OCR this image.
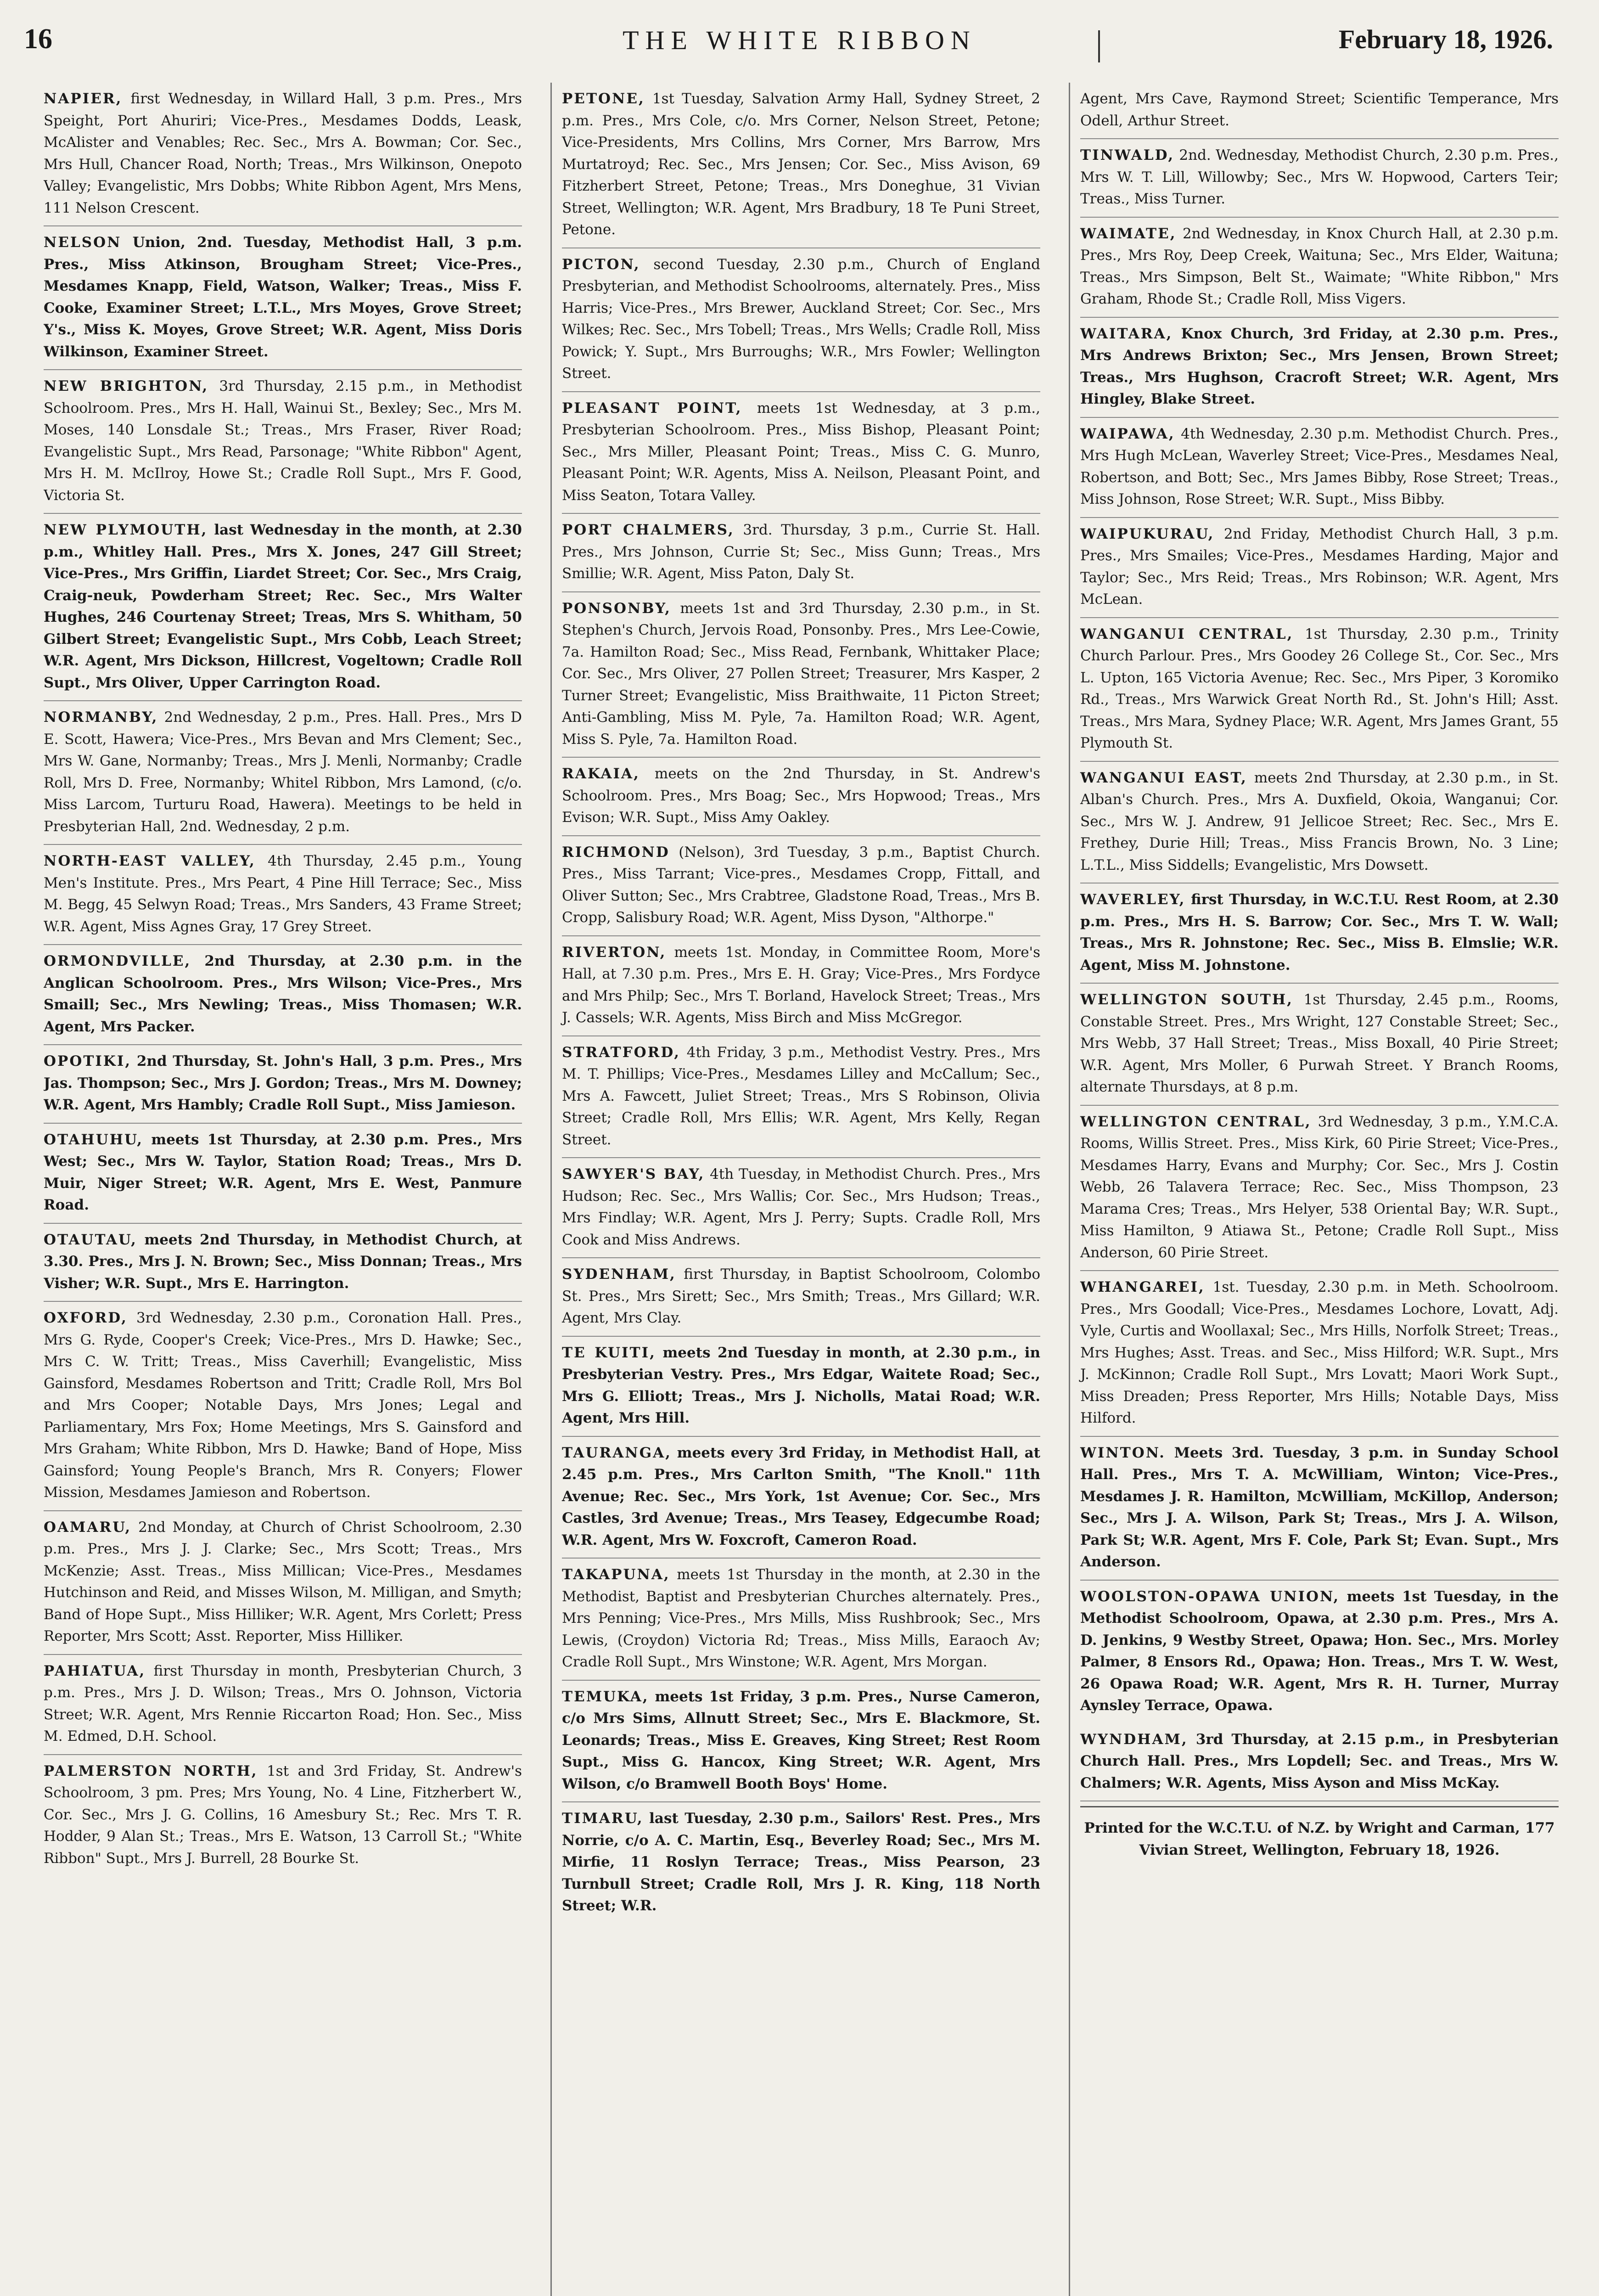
16	THE WHITE RIBBON	February 18, 1926.
NAPIER, first Wednesday, in Willard Hall, 3 p.m. Pres., Mrs Speight, Port Ahuriri; Vice-Pres., Mesdames Dodds, Leask, McAlister and Venables; Rec. Sec., Mrs A. Bowman; Cor. Sec., Mrs Hull, Chancer Road, North; Treas., Mrs Wilkinson, Onepoto Valley; Evangelistic, Mrs Dobbs; White Ribbon Agent, Mrs Mens, 111 Nelson Crescent.
NELSON Union, 2nd. Tuesday, Methodist Hall, 3 p.m. Pres., Miss Atkinson, Brougham Street; Vice-Pres., Mesdames Knapp, Field, Watson, Walker; Treas., Miss F. Cooke, Examiner Street; L.T.L., Mrs Moyes, Grove Street; Y's., Miss K. Moyes, Grove Street; W.R. Agent, Miss Doris Wilkinson, Examiner Street.
NEW BRIGHTON, 3rd Thursday, 2.15 p.m., in Methodist Schoolroom. Pres., Mrs H. Hall, Wainui St., Bexley; Sec., Mrs M. Moses, 140 Lonsdale St.; Treas., Mrs Fraser, River Road; Evangelistic Supt., Mrs Read, Parsonage; "White Ribbon" Agent, Mrs H. M. McIlroy, Howe St.; Cradle Roll Supt., Mrs F. Good, Victoria St.
NEW PLYMOUTH, last Wednesday in the month, at 2.30 p.m., Whitley Hall. Pres., Mrs X. Jones, 247 Gill Street; Vice-Pres., Mrs Griffin, Liardet Street; Cor. Sec., Mrs Craig, Craig-neuk, Powderham Street; Rec. Sec., Mrs Walter Hughes, 246 Courtenay Street; Treas, Mrs S. Whitham, 50 Gilbert Street; Evangelistic Supt., Mrs Cobb, Leach Street; W.R. Agent, Mrs Dickson, Hillcrest, Vogeltown; Cradle Roll Supt., Mrs Oliver, Upper Carrington Road.
NORMANBY, 2nd Wednesday, 2 p.m., Pres. Hall. Pres., Mrs D E. Scott, Hawera; Vice-Pres., Mrs Bevan and Mrs Clement; Sec., Mrs W. Gane, Normanby; Treas., Mrs J. Menli, Normanby; Cradle Roll, Mrs D. Free, Normanby; Whitel Ribbon, Mrs Lamond, (c/o. Miss Larcom, Turturu Road, Hawera). Meetings to be held in Presbyterian Hall, 2nd. Wednesday, 2 p.m.
NORTH-EAST VALLEY, 4th Thursday, 2.45 p.m., Young Men's Institute. Pres., Mrs Peart, 4 Pine Hill Terrace; Sec., Miss M. Begg, 45 Selwyn Road; Treas., Mrs Sanders, 43 Frame Street; W.R. Agent, Miss Agnes Gray, 17 Grey Street.
ORMONDVILLE, 2nd Thursday, at 2.30 p.m. in the Anglican Schoolroom. Pres., Mrs Wilson; Vice-Pres., Mrs Smaill; Sec., Mrs Newling; Treas., Miss Thomasen; W.R. Agent, Mrs Packer.
OPOTIKI, 2nd Thursday, St. John's Hall, 3 p.m. Pres., Mrs Jas. Thompson; Sec., Mrs J. Gordon; Treas., Mrs M. Downey; W.R. Agent, Mrs Hambly; Cradle Roll Supt., Miss Jamieson.
OTAHUHU, meets 1st Thursday, at 2.30 p.m. Pres., Mrs West; Sec., Mrs W. Taylor, Station Road; Treas., Mrs D. Muir, Niger Street; W.R. Agent, Mrs E. West, Panmure Road.
OTAUTAU, meets 2nd Thursday, in Methodist Church, at 3.30. Pres., Mrs J. N. Brown; Sec., Miss Donnan; Treas., Mrs Visher; W.R. Supt., Mrs E. Harrington.
OXFORD, 3rd Wednesday, 2.30 p.m., Coronation Hall. Pres., Mrs G. Ryde, Cooper's Creek; Vice-Pres., Mrs D. Hawke; Sec., Mrs C. W. Tritt; Treas., Miss Caverhill; Evangelistic, Miss Gainsford, Mesdames Robertson and Tritt; Cradle Roll, Mrs Bol and Mrs Cooper; Notable Days, Mrs Jones; Legal and Parliamentary, Mrs Fox; Home Meetings, Mrs S. Gainsford and Mrs Graham; White Ribbon, Mrs D. Hawke; Band of Hope, Miss Gainsford; Young People's Branch, Mrs R. Conyers; Flower Mission, Mesdames Jamieson and Robertson.
OAMARU, 2nd Monday, at Church of Christ Schoolroom, 2.30 p.m. Pres., Mrs J. J. Clarke; Sec., Mrs Scott; Treas., Mrs McKenzie; Asst. Treas., Miss Millican; Vice-Pres., Mesdames Hutchinson and Reid, and Misses Wilson, M. Milligan, and Smyth; Band of Hope Supt., Miss Hilliker; W.R. Agent, Mrs Corlett; Press Reporter, Mrs Scott; Asst. Reporter, Miss Hilliker.
PAHIATUA, first Thursday in month, Presbyterian Church, 3 p.m. Pres., Mrs J. D. Wilson; Treas., Mrs O. Johnson, Victoria Street; W.R. Agent, Mrs Rennie Riccarton Road; Hon. Sec., Miss M. Edmed, D.H. School.
PALMERSTON NORTH, 1st and 3rd Friday, St. Andrew's Schoolroom, 3 pm. Pres; Mrs Young, No. 4 Line, Fitzherbert W., Cor. Sec., Mrs J. G. Collins, 16 Amesbury St.; Rec. Mrs T. R. Hodder, 9 Alan St.; Treas., Mrs E. Watson, 13 Carroll St.; "White Ribbon" Supt., Mrs J. Burrell, 28 Bourke St.
PETONE, 1st Tuesday, Salvation Army Hall, Sydney Street, 2 p.m. Pres., Mrs Cole, c/o. Mrs Corner, Nelson Street, Petone; Vice-Presidents, Mrs Collins, Mrs Corner, Mrs Barrow, Mrs Murtatroyd; Rec. Sec., Mrs Jensen; Cor. Sec., Miss Avison, 69 Fitzherbert Street, Petone; Treas., Mrs Doneghue, 31 Vivian Street, Wellington; W.R. Agent, Mrs Bradbury, 18 Te Puni Street, Petone.
PICTON, second Tuesday, 2.30 p.m., Church of England Presbyterian, and Methodist Schoolrooms, alternately. Pres., Miss Harris; Vice-Pres., Mrs Brewer, Auckland Street; Cor. Sec., Mrs Wilkes; Rec. Sec., Mrs Tobell; Treas., Mrs Wells; Cradle Roll, Miss Powick; Y. Supt., Mrs Burroughs; W.R., Mrs Fowler; Wellington Street.
PLEASANT POINT, meets 1st Wednesday, at 3 p.m., Presbyterian Schoolroom. Pres., Miss Bishop, Pleasant Point; Sec., Mrs Miller, Pleasant Point; Treas., Miss C. G. Munro, Pleasant Point; W.R. Agents, Miss A. Neilson, Pleasant Point, and Miss Seaton, Totara Valley.
PORT CHALMERS, 3rd. Thursday, 3 p.m., Currie St. Hall. Pres., Mrs Johnson, Currie St; Sec., Miss Gunn; Treas., Mrs Smillie; W.R. Agent, Miss Paton, Daly St.
PONSONBY, meets 1st and 3rd Thursday, 2.30 p.m., in St. Stephen's Church, Jervois Road, Ponsonby. Pres., Mrs Lee-Cowie, 7a. Hamilton Road; Sec., Miss Read, Fernbank, Whittaker Place; Cor. Sec., Mrs Oliver, 27 Pollen Street; Treasurer, Mrs Kasper, 2 Turner Street; Evangelistic, Miss Braithwaite, 11 Picton Street; Anti-Gambling, Miss M. Pyle, 7a. Hamilton Road; W.R. Agent, Miss S. Pyle, 7a. Hamilton Road.
RAKAIA, meets on the 2nd Thursday, in St. Andrew's Schoolroom. Pres., Mrs Boag; Sec., Mrs Hopwood; Treas., Mrs Evison; W.R. Supt., Miss Amy Oakley.
RICHMOND (Nelson), 3rd Tuesday, 3 p.m., Baptist Church. Pres., Miss Tarrant; Vice-pres., Mesdames Cropp, Fittall, and Oliver Sutton; Sec., Mrs Crabtree, Gladstone Road, Treas., Mrs B. Cropp, Salisbury Road; W.R. Agent, Miss Dyson, "Althorpe."
RIVERTON, meets 1st. Monday, in Committee Room, More's Hall, at 7.30 p.m. Pres., Mrs E. H. Gray; Vice-Pres., Mrs Fordyce and Mrs Philp; Sec., Mrs T. Borland, Havelock Street; Treas., Mrs J. Cassels; W.R. Agents, Miss Birch and Miss McGregor.
STRATFORD, 4th Friday, 3 p.m., Methodist Vestry. Pres., Mrs M. T. Phillips; Vice-Pres., Mesdames Lilley and McCallum; Sec., Mrs A. Fawcett, Juliet Street; Treas., Mrs S Robinson, Olivia Street; Cradle Roll, Mrs Ellis; W.R. Agent, Mrs Kelly, Regan Street.
SAWYER'S BAY, 4th Tuesday, in Methodist Church. Pres., Mrs Hudson; Rec. Sec., Mrs Wallis; Cor. Sec., Mrs Hudson; Treas., Mrs Findlay; W.R. Agent, Mrs J. Perry; Supts. Cradle Roll, Mrs Cook and Miss Andrews.
SYDENHAM, first Thursday, in Baptist Schoolroom, Colombo St. Pres., Mrs Sirett; Sec., Mrs Smith; Treas., Mrs Gillard; W.R. Agent, Mrs Clay.
TE KUITI, meets 2nd Tuesday in month, at 2.30 p.m., in Presbyterian Vestry. Pres., Mrs Edgar, Waitete Road; Sec., Mrs G. Elliott; Treas., Mrs J. Nicholls, Matai Road; W.R. Agent, Mrs Hill.
TAURANGA, meets every 3rd Friday, in Methodist Hall, at 2.45 p.m. Pres., Mrs Carlton Smith, "The Knoll." 11th Avenue; Rec. Sec., Mrs York, 1st Avenue; Cor. Sec., Mrs Castles, 3rd Avenue; Treas., Mrs Teasey, Edgecumbe Road; W.R. Agent, Mrs W. Foxcroft, Cameron Road.
TAKAPUNA, meets 1st Thursday in the month, at 2.30 in the Methodist, Baptist and Presbyterian Churches alternately. Pres., Mrs Penning; Vice-Pres., Mrs Mills, Miss Rushbrook; Sec., Mrs Lewis, (Croydon) Victoria Rd; Treas., Miss Mills, Earaoch Av; Cradle Roll Supt., Mrs Winstone; W.R. Agent, Mrs Morgan.
TEMUKA, meets 1st Friday, 3 p.m. Pres., Nurse Cameron, c/o Mrs Sims, Allnutt Street; Sec., Mrs E. Blackmore, St. Leonards; Treas., Miss E. Greaves, King Street; Rest Room Supt., Miss G. Hancox, King Street; W.R. Agent, Mrs Wilson, c/o Bramwell Booth Boys' Home.
TIMARU, last Tuesday, 2.30 p.m., Sailors' Rest. Pres., Mrs Norrie, c/o A. C. Martin, Esq., Beverley Road; Sec., Mrs M. Mirfie, 11 Roslyn Terrace; Treas., Miss Pearson, 23 Turnbull Street; Cradle Roll, Mrs J. R. King, 118 North Street; W.R.
Agent, Mrs Cave, Raymond Street; Scientific Temperance, Mrs Odell, Arthur Street.
TINWALD, 2nd. Wednesday, Methodist Church, 2.30 p.m. Pres., Mrs W. T. Lill, Willowby; Sec., Mrs W. Hopwood, Carters Teir; Treas., Miss Turner.
WAIMATE, 2nd Wednesday, in Knox Church Hall, at 2.30 p.m. Pres., Mrs Roy, Deep Creek, Waituna; Sec., Mrs Elder, Waituna; Treas., Mrs Simpson, Belt St., Waimate; "White Ribbon," Mrs Graham, Rhode St.; Cradle Roll, Miss Vigers.
WAITARA, Knox Church, 3rd Friday, at 2.30 p.m. Pres., Mrs Andrews Brixton; Sec., Mrs Jensen, Brown Street; Treas., Mrs Hughson, Cracroft Street; W.R. Agent, Mrs Hingley, Blake Street.
WAIPAWA, 4th Wednesday, 2.30 p.m. Methodist Church. Pres., Mrs Hugh McLean, Waverley Street; Vice-Pres., Mesdames Neal, Robertson, and Bott; Sec., Mrs James Bibby, Rose Street; Treas., Miss Johnson, Rose Street; W.R. Supt., Miss Bibby.
WAIPUKURAU, 2nd Friday, Methodist Church Hall, 3 p.m. Pres., Mrs Smailes; Vice-Pres., Mesdames Harding, Major and Taylor; Sec., Mrs Reid; Treas., Mrs Robinson; W.R. Agent, Mrs McLean.
WANGANUI CENTRAL, 1st Thursday, 2.30 p.m., Trinity Church Parlour. Pres., Mrs Goodey 26 College St., Cor. Sec., Mrs L. Upton, 165 Victoria Avenue; Rec. Sec., Mrs Piper, 3 Koromiko Rd., Treas., Mrs Warwick Great North Rd., St. John's Hill; Asst. Treas., Mrs Mara, Sydney Place; W.R. Agent, Mrs James Grant, 55 Plymouth St.
WANGANUI EAST, meets 2nd Thursday, at 2.30 p.m., in St. Alban's Church. Pres., Mrs A. Duxfield, Okoia, Wanganui; Cor. Sec., Mrs W. J. Andrew, 91 Jellicoe Street; Rec. Sec., Mrs E. Frethey, Durie Hill; Treas., Miss Francis Brown, No. 3 Line; L.T.L., Miss Siddells; Evangelistic, Mrs Dowsett.
WAVERLEY, first Thursday, in W.C.T.U. Rest Room, at 2.30 p.m. Pres., Mrs H. S. Barrow; Cor. Sec., Mrs T. W. Wall; Treas., Mrs R. Johnstone; Rec. Sec., Miss B. Elmslie; W.R. Agent, Miss M. Johnstone.
WELLINGTON SOUTH, 1st Thursday, 2.45 p.m., Rooms, Constable Street. Pres., Mrs Wright, 127 Constable Street; Sec., Mrs Webb, 37 Hall Street; Treas., Miss Boxall, 40 Pirie Street; W.R. Agent, Mrs Moller, 6 Purwah Street. Y Branch Rooms, alternate Thursdays, at 8 p.m.
WELLINGTON CENTRAL, 3rd Wednesday, 3 p.m., Y.M.C.A. Rooms, Willis Street. Pres., Miss Kirk, 60 Pirie Street; Vice-Pres., Mesdames Harry, Evans and Murphy; Cor. Sec., Mrs J. Costin Webb, 26 Talavera Terrace; Rec. Sec., Miss Thompson, 23 Marama Cres; Treas., Mrs Helyer, 538 Oriental Bay; W.R. Supt., Miss Hamilton, 9 Atiawa St., Petone; Cradle Roll Supt., Miss Anderson, 60 Pirie Street.
WHANGAREI, 1st. Tuesday, 2.30 p.m. in Meth. Schoolroom. Pres., Mrs Goodall; Vice-Pres., Mesdames Lochore, Lovatt, Adj. Vyle, Curtis and Woollaxal; Sec., Mrs Hills, Norfolk Street; Treas., Mrs Hughes; Asst. Treas. and Sec., Miss Hilford; W.R. Supt., Mrs J. McKinnon; Cradle Roll Supt., Mrs Lovatt; Maori Work Supt., Miss Dreaden; Press Reporter, Mrs Hills; Notable Days, Miss Hilford.
WINTON. Meets 3rd. Tuesday, 3 p.m. in Sunday School Hall. Pres., Mrs T. A. McWilliam, Winton; Vice-Pres., Mesdames J. R. Hamilton, McWilliam, McKillop, Anderson; Sec., Mrs J. A. Wilson, Park St; Treas., Mrs J. A. Wilson, Park St; W.R. Agent, Mrs F. Cole, Park St; Evan. Supt., Mrs Anderson.
WOOLSTON-OPAWA UNION, meets 1st Tuesday, in the Methodist Schoolroom, Opawa, at 2.30 p.m. Pres., Mrs A. D. Jenkins, 9 Westby Street, Opawa; Hon. Sec., Mrs. Morley Palmer, 8 Ensors Rd., Opawa; Hon. Treas., Mrs T. W. West, 26 Opawa Road; W.R. Agent, Mrs R. H. Turner, Murray Aynsley Terrace, Opawa.
WYNDHAM, 3rd Thursday, at 2.15 p.m., in Presbyterian Church Hall. Pres., Mrs Lopdell; Sec. and Treas., Mrs W. Chalmers; W.R. Agents, Miss Ayson and Miss McKay.
Printed for the W.C.T.U. of N.Z. by Wright and Carman, 177 Vivian Street, Wellington, February 18, 1926.
